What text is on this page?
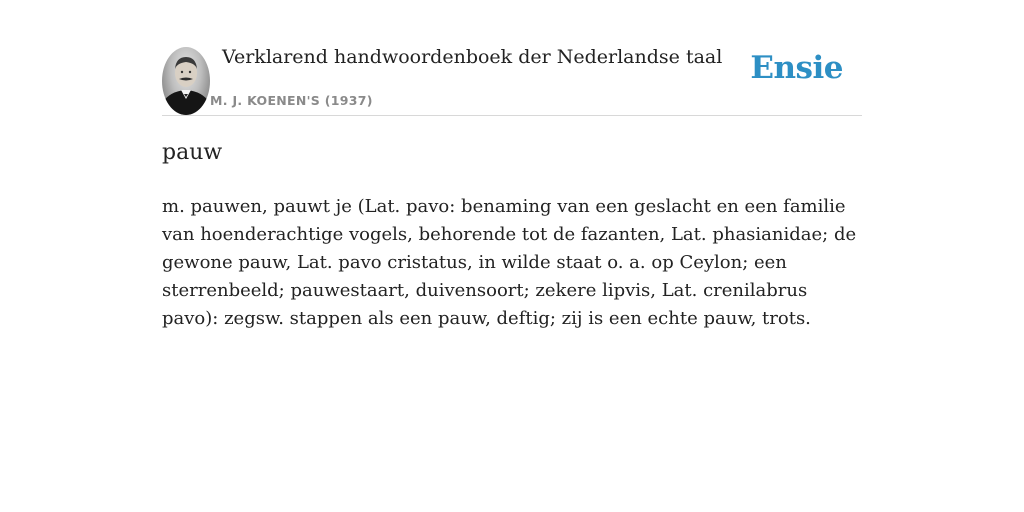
Verklarend handwoordenboek der Nederlandse taal
M. J. KOENEN'S (1937)
Ensie
pauw

m. pauwen, pauwt je (Lat. pavo: benaming van een geslacht en een familie van hoenderachtige vogels, behorende tot de fazanten, Lat. phasianidae; de gewone pauw, Lat. pavo cristatus, in wilde staat o. a. op Ceylon; een sterrenbeeld; pauwestaart, duivensoort; zekere lipvis, Lat. crenilabrus pavo): zegsw. stappen als een pauw, deftig; zij is een echte pauw, trots.
